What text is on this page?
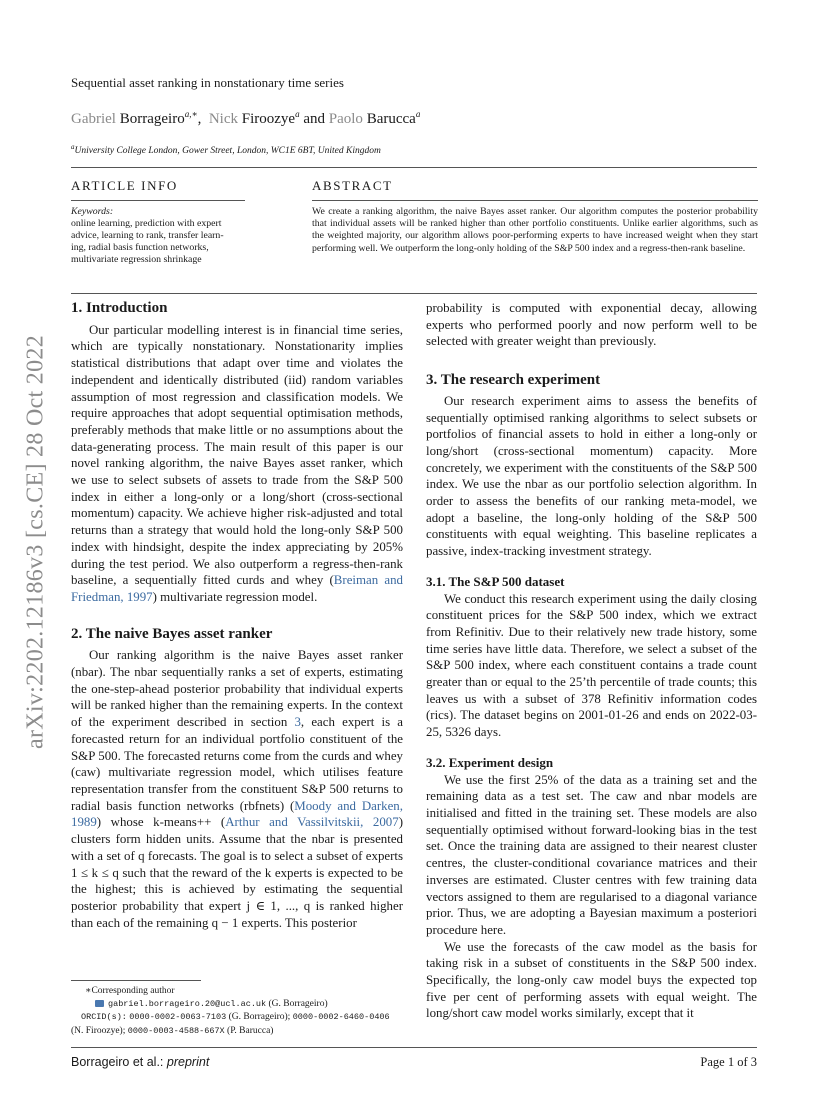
Sequential asset ranking in nonstationary time series
Gabriel Borrageiro$^{a,∗}$,  Nick Firoozye$^a$ and Paolo Barucca$^a$
$^a$University College London, Gower Street, London, WC1E 6BT, United Kingdom
ARTICLE INFO	ABSTRACT
Keywords:
online learning, prediction with expert
advice, learning to rank, transfer learn-
ing, radial basis function networks,
multivariate regression shrinkage
We create a ranking algorithm, the naive Bayes asset ranker. Our algorithm computes the posterior probability that individual assets will be ranked higher than other portfolio constituents. Unlike earlier algorithms, such as the weighted majority, our algorithm allows poor-performing experts to have increased weight when they start performing well. We outperform the long-only holding of the S&P 500 index and a regress-then-rank baseline.
arXiv:2202.12186v3 [cs.CE] 28 Oct 2022
1. Introduction

Our particular modelling interest is in financial time series, which are typically nonstationary. Nonstationarity implies statistical distributions that adapt over time and violates the independent and identically distributed (iid) random variables assumption of most regression and classification models. We require approaches that adopt sequential optimisation methods, preferably methods that make little or no assumptions about the data-generating process. The main result of this paper is our novel ranking algorithm, the naive Bayes asset ranker, which we use to select subsets of assets to trade from the S&P 500 index in either a long-only or a long/short (cross-sectional momentum) capacity. We achieve higher risk-adjusted and total returns than a strategy that would hold the long-only S&P 500 index with hindsight, despite the index appreciating by 205% during the test period. We also outperform a regress-then-rank baseline, a sequentially fitted curds and whey (Breiman and Friedman, 1997) multivariate regression model.

2. The naive Bayes asset ranker

Our ranking algorithm is the naive Bayes asset ranker (nbar). The nbar sequentially ranks a set of experts, estimating the one-step-ahead posterior probability that individual experts will be ranked higher than the remaining experts. In the context of the experiment described in section 3, each expert is a forecasted return for an individual portfolio constituent of the S&P 500. The forecasted returns come from the curds and whey (caw) multivariate regression model, which utilises feature representation transfer from the constituent S&P 500 returns to radial basis function networks (rbfnets) (Moody and Darken, 1989) whose k-means++ (Arthur and Vassilvitskii, 2007) clusters form hidden units. Assume that the nbar is presented with a set of q forecasts. The goal is to select a subset of experts 1 ≤ k ≤ q such that the reward of the k experts is expected to be the highest; this is achieved by estimating the sequential posterior probability that expert j ∈ 1, ..., q is ranked higher than each of the remaining q − 1 experts. This posterior

probability is computed with exponential decay, allowing experts who performed poorly and now perform well to be selected with greater weight than previously.

3. The research experiment

Our research experiment aims to assess the benefits of sequentially optimised ranking algorithms to select subsets or portfolios of financial assets to hold in either a long-only or long/short (cross-sectional momentum) capacity. More concretely, we experiment with the constituents of the S&P 500 index. We use the nbar as our portfolio selection algorithm. In order to assess the benefits of our ranking meta-model, we adopt a baseline, the long-only holding of the S&P 500 constituents with equal weighting. This baseline replicates a passive, index-tracking investment strategy.

3.1. The S&P 500 dataset

We conduct this research experiment using the daily closing constituent prices for the S&P 500 index, which we extract from Refinitiv. Due to their relatively new trade history, some time series have little data. Therefore, we select a subset of the S&P 500 index, where each constituent contains a trade count greater than or equal to the 25’th percentile of trade counts; this leaves us with a subset of 378 Refinitiv information codes (rics). The dataset begins on 2001-01-26 and ends on 2022-03-25, 5326 days.

3.2. Experiment design

We use the first 25% of the data as a training set and the remaining data as a test set. The caw and nbar models are initialised and fitted in the training set. These models are also sequentially optimised without forward-looking bias in the test set. Once the training data are assigned to their nearest cluster centres, the cluster-conditional covariance matrices and their inverses are estimated. Cluster centres with few training data vectors assigned to them are regularised to a diagonal variance prior. Thus, we are adopting a Bayesian maximum a posteriori procedure here.

We use the forecasts of the caw model as the basis for taking risk in a subset of constituents in the S&P 500 index. Specifically, the long-only caw model buys the expected top five per cent of performing assets with equal weight. The long/short caw model works similarly, except that it

∗Corresponding author
gabriel.borrageiro.20@ucl.ac.uk (G. Borrageiro)
ORCID(s): 0000-0002-0063-7103 (G. Borrageiro); 0000-0002-6460-0406
(N. Firoozye); 0000-0003-4588-667X (P. Barucca)
Borrageiro et al.: preprint	Page 1 of 3
